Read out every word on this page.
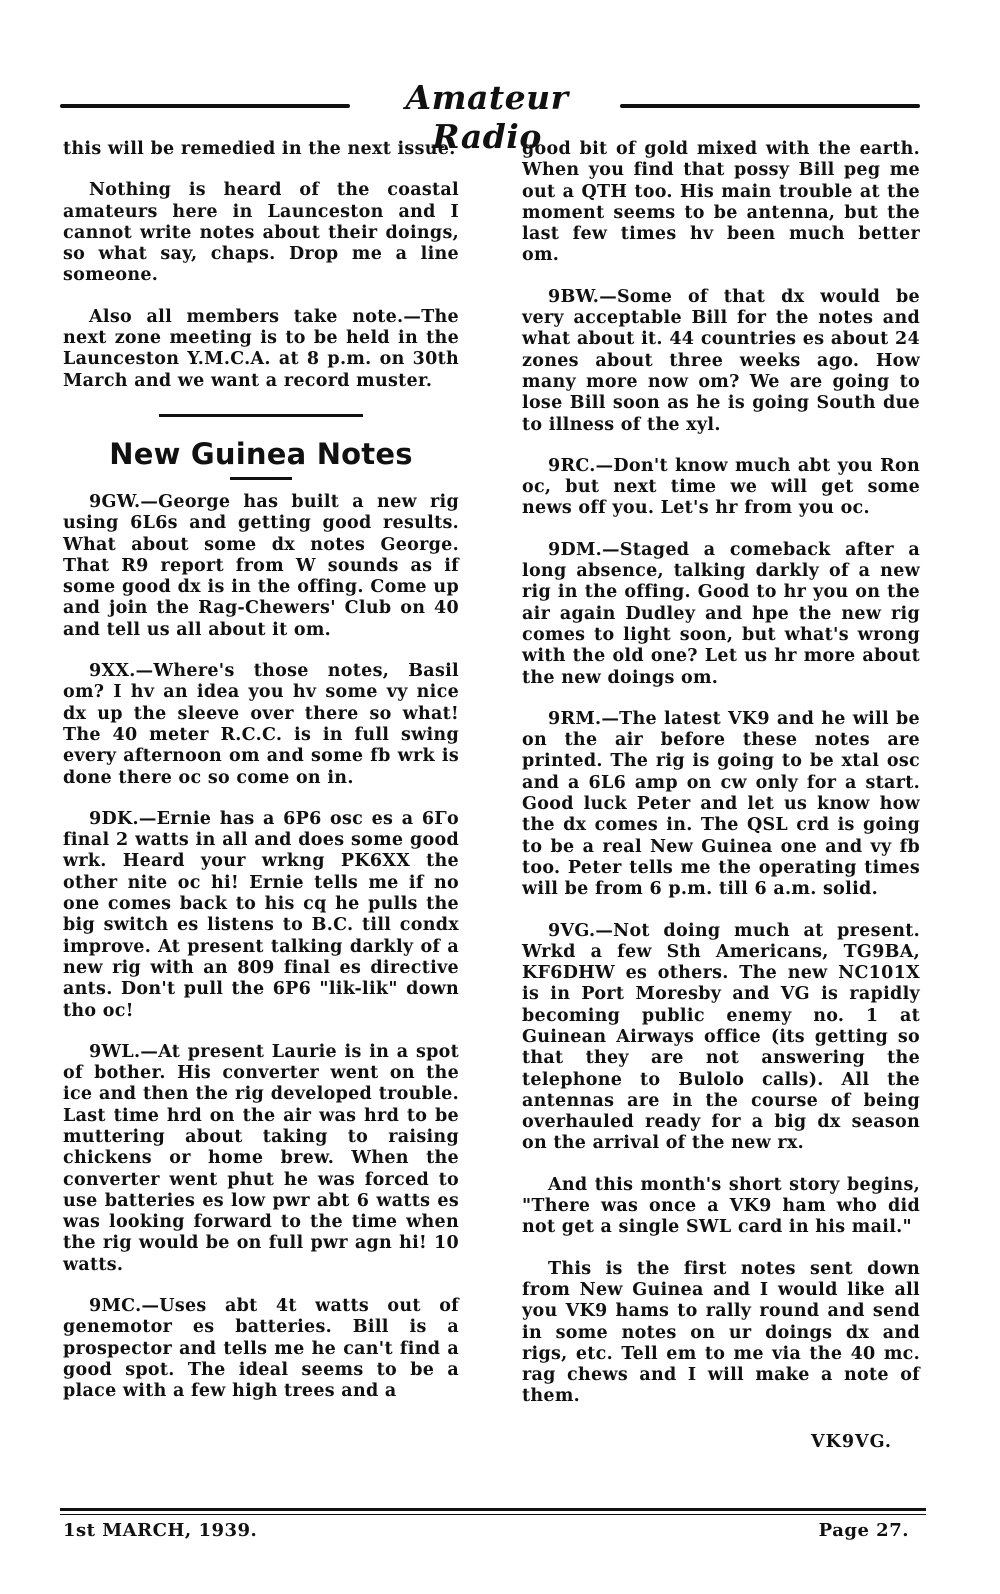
Amateur Radio

this will be remedied in the next issue.

Nothing is heard of the coastal amateurs here in Launceston and I cannot write notes about their doings, so what say, chaps. Drop me a line someone.

Also all members take note.—The next zone meeting is to be held in the Launceston Y.M.C.A. at 8 p.m. on 30th March and we want a record muster.

New Guinea Notes

9GW.—George has built a new rig using 6L6s and getting good results. What about some dx notes George. That R9 report from W sounds as if some good dx is in the offing. Come up and join the Rag-Chewers' Club on 40 and tell us all about it om.

9XX.—Where's those notes, Basil om? I hv an idea you hv some vy nice dx up the sleeve over there so what! The 40 meter R.C.C. is in full swing every afternoon om and some fb wrk is done there oc so come on in.

9DK.—Ernie has a 6P6 osc es a 6Γο final 2 watts in all and does some good wrk. Heard your wrkng PK6XX the other nite oc hi! Ernie tells me if no one comes back to his cq he pulls the big switch es listens to B.C. till condx improve. At present talking darkly of a new rig with an 809 final es directive ants. Don't pull the 6P6 "lik-lik" down tho oc!

9WL.—At present Laurie is in a spot of bother. His converter went on the ice and then the rig developed trouble. Last time hrd on the air was hrd to be muttering about taking to raising chickens or home brew. When the converter went phut he was forced to use batteries es low pwr abt 6 watts es was looking forward to the time when the rig would be on full pwr agn hi! 10 watts.

9MC.—Uses abt 4t watts out of genemotor es batteries. Bill is a prospector and tells me he can't find a good spot. The ideal seems to be a place with a few high trees and a

good bit of gold mixed with the earth. When you find that possy Bill peg me out a QTH too. His main trouble at the moment seems to be antenna, but the last few times hv been much better om.

9BW.—Some of that dx would be very acceptable Bill for the notes and what about it. 44 countries es about 24 zones about three weeks ago. How many more now om? We are going to lose Bill soon as he is going South due to illness of the xyl.

9RC.—Don't know much abt you Ron oc, but next time we will get some news off you. Let's hr from you oc.

9DM.—Staged a comeback after a long absence, talking darkly of a new rig in the offing. Good to hr you on the air again Dudley and hpe the new rig comes to light soon, but what's wrong with the old one? Let us hr more about the new doings om.

9RM.—The latest VK9 and he will be on the air before these notes are printed. The rig is going to be xtal osc and a 6L6 amp on cw only for a start. Good luck Peter and let us know how the dx comes in. The QSL crd is going to be a real New Guinea one and vy fb too. Peter tells me the operating times will be from 6 p.m. till 6 a.m. solid.

9VG.—Not doing much at present. Wrkd a few Sth Americans, TG9BA, KF6DHW es others. The new NC101X is in Port Moresby and VG is rapidly becoming public enemy no. 1 at Guinean Airways office (its getting so that they are not answering the telephone to Bulolo calls). All the antennas are in the course of being overhauled ready for a big dx season on the arrival of the new rx.

And this month's short story begins, "There was once a VK9 ham who did not get a single SWL card in his mail."

This is the first notes sent down from New Guinea and I would like all you VK9 hams to rally round and send in some notes on ur doings dx and rigs, etc. Tell em to me via the 40 mc. rag chews and I will make a note of them.

VK9VG.
1st MARCH, 1939.	Page 27.
